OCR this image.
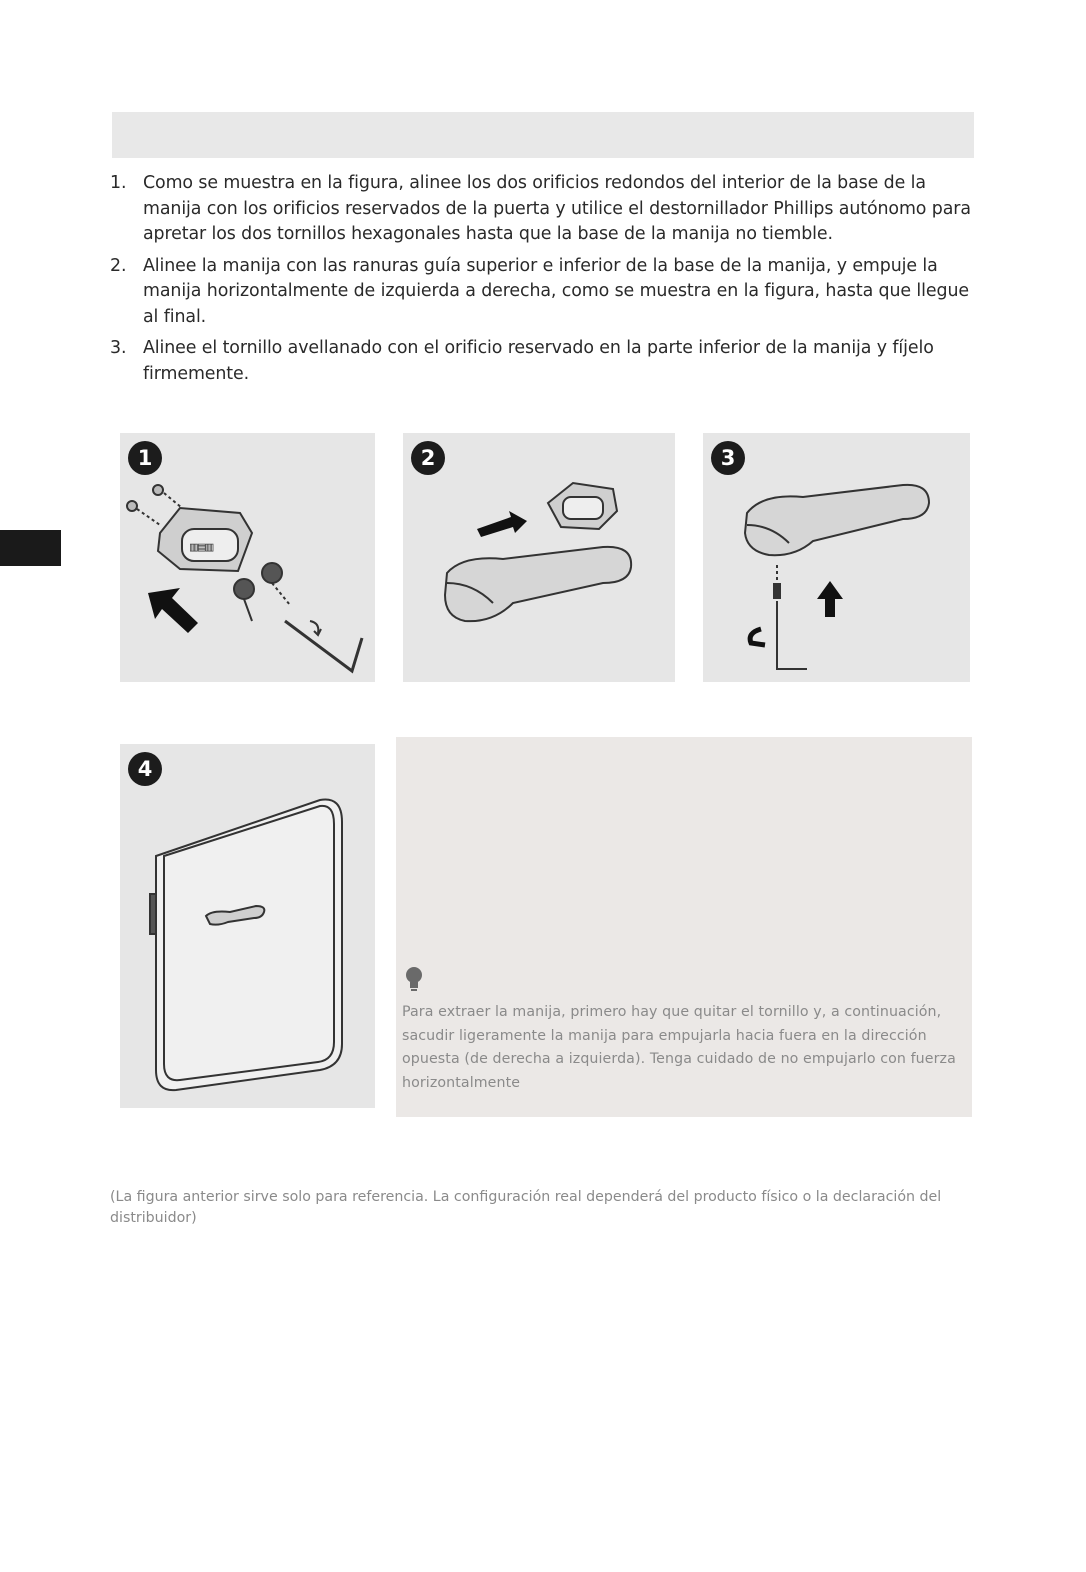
1. Como se muestra en la figura, alinee los dos orificios redondos del interior de la base de la manija con los orificios reservados de la puerta y utilice el destornillador Phillips autónomo para apretar los dos tornillos hexagonales hasta que la base de la manija no tiemble.
2. Alinee la manija con las ranuras guía superior e inferior de la base de la manija, y empuje la manija horizontalmente de izquierda a derecha, como se muestra en la figura, hasta que llegue al final.
3. Alinee el tornillo avellanado con el orificio reservado en la parte inferior de la manija y fíjelo firmemente.
1
▥▤▥
2	3
4
Para extraer la manija, primero hay que quitar el tornillo y, a continuación, sacudir ligeramente la manija para empujarla hacia fuera en la dirección opuesta (de derecha a izquierda). Tenga cuidado de no empujarlo con fuerza horizontalmente
(La figura anterior sirve solo para referencia. La configuración real dependerá del producto físico o la declaración del distribuidor)
